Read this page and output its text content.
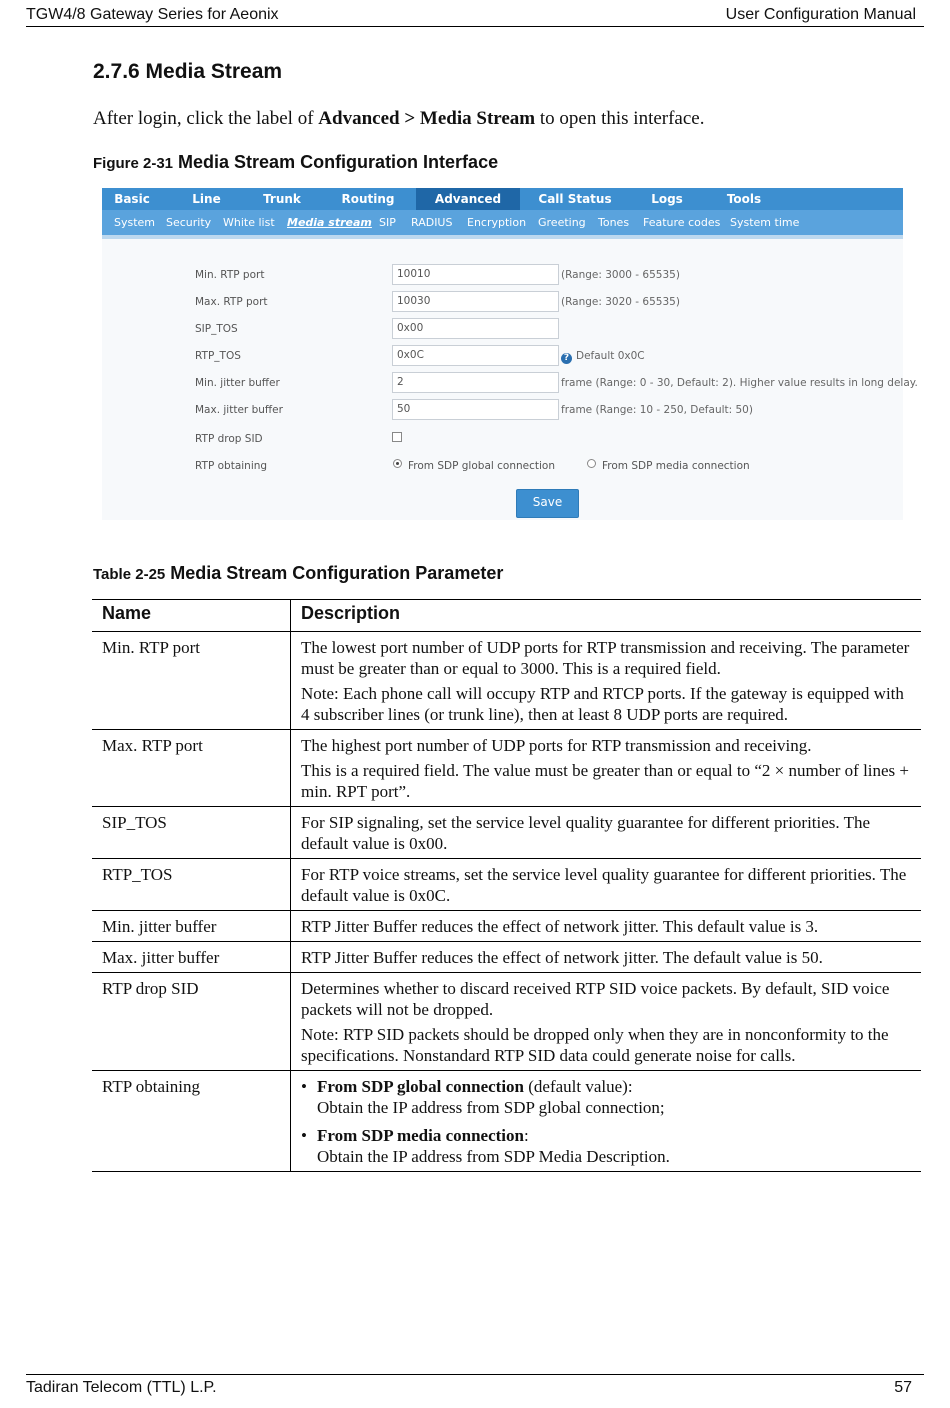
TGW4/8 Gateway Series for Aeonix	User Configuration Manual
2.7.6 Media Stream
After login, click the label of Advanced > Media Stream to open this interface.
Figure 2-31 Media Stream Configuration Interface
Basic	Line	Trunk	Routing	Advanced	Call Status	Logs	Tools
System Security White list Media stream SIP RADIUS Encryption Greeting Tones Feature codes System time
Min. RTP port	10010	(Range: 3000 - 65535)
Max. RTP port	10030	(Range: 3020 - 65535)
SIP_TOS	0x00
RTP_TOS	0x0C	? Default 0x0C
Min. jitter buffer	2	frame (Range: 0 - 30, Default: 2). Higher value results in long delay.
Max. jitter buffer	50	frame (Range: 10 - 250, Default: 50)
RTP drop SID
RTP obtaining	From SDP global connection	From SDP media connection
Save
Table 2-25 Media Stream Configuration Parameter
Name	Description
Min. RTP port	The lowest port number of UDP ports for RTP transmission and receiving. The parameter must be greater than or equal to 3000. This is a required field.

Note: Each phone call will occupy RTP and RTCP ports. If the gateway is equipped with 4 subscriber lines (or trunk line), then at least 8 UDP ports are required.

Max. RTP port	The highest port number of UDP ports for RTP transmission and receiving.

This is a required field. The value must be greater than or equal to “2 × number of lines + min. RPT port”.

SIP_TOS	For SIP signaling, set the service level quality guarantee for different priorities. The default value is 0x00.

RTP_TOS	For RTP voice streams, set the service level quality guarantee for different priorities. The default value is 0x0C.

Min. jitter buffer	RTP Jitter Buffer reduces the effect of network jitter. This default value is 3.

Max. jitter buffer	RTP Jitter Buffer reduces the effect of network jitter. The default value is 50.

RTP drop SID	Determines whether to discard received RTP SID voice packets. By default, SID voice packets will not be dropped.

Note: RTP SID packets should be dropped only when they are in nonconformity to the specifications. Nonstandard RTP SID data could generate noise for calls.

RTP obtaining	• From SDP global connection (default value):
Obtain the IP address from SDP global connection;
• From SDP media connection:
Obtain the IP address from SDP Media Description.
Tadiran Telecom (TTL) L.P.	57
